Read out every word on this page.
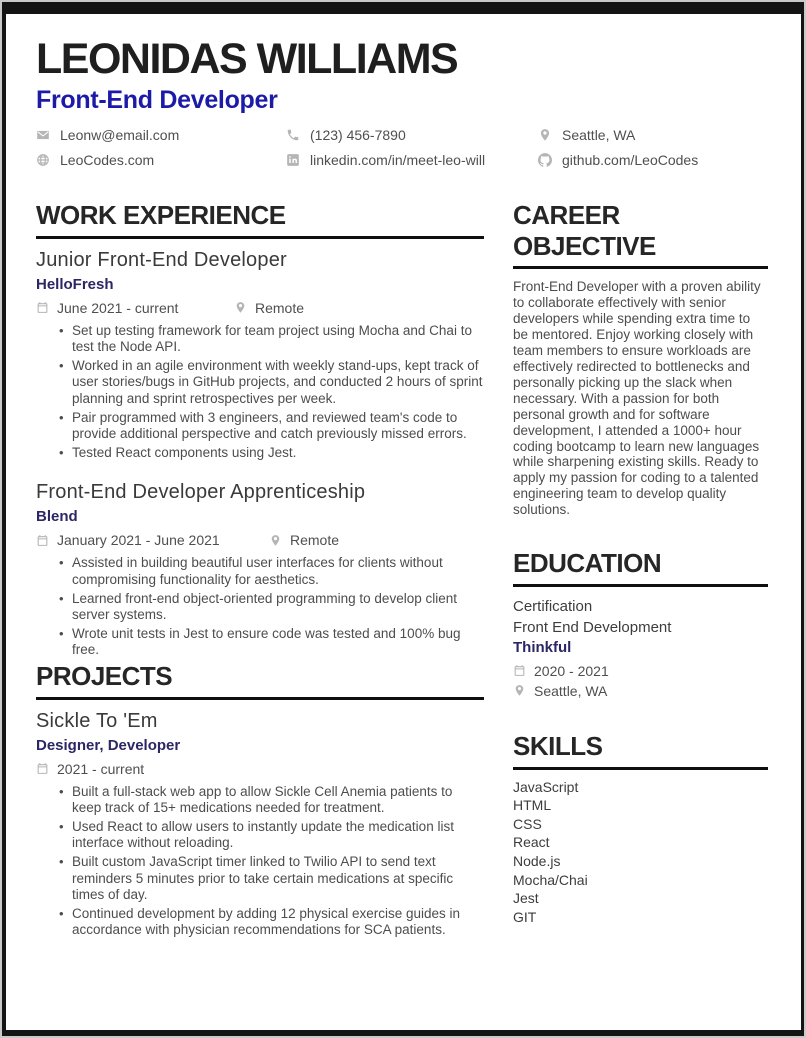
LEONIDAS WILLIAMS
Front-End Developer
Leonw@email.com	(123) 456-7890	Seattle, WA
LeoCodes.com	linkedin.com/in/meet-leo-will	github.com/LeoCodes
WORK EXPERIENCE
Junior Front-End Developer
HelloFresh
June 2021 - current	Remote
• Set up testing framework for team project using Mocha and Chai to test the Node API.
• Worked in an agile environment with weekly stand-ups, kept track of user stories/bugs in GitHub projects, and conducted 2 hours of sprint planning and sprint retrospectives per week.
• Pair programmed with 3 engineers, and reviewed team's code to provide additional perspective and catch previously missed errors.
• Tested React components using Jest.
Front-End Developer Apprenticeship
Blend
January 2021 - June 2021	Remote
• Assisted in building beautiful user interfaces for clients without compromising functionality for aesthetics.
• Learned front-end object-oriented programming to develop client server systems.
• Wrote unit tests in Jest to ensure code was tested and 100% bug free.
PROJECTS
Sickle To 'Em
Designer, Developer
2021 - current
• Built a full-stack web app to allow Sickle Cell Anemia patients to keep track of 15+ medications needed for treatment.
• Used React to allow users to instantly update the medication list interface without reloading.
• Built custom JavaScript timer linked to Twilio API to send text reminders 5 minutes prior to take certain medications at specific times of day.
• Continued development by adding 12 physical exercise guides in accordance with physician recommendations for SCA patients.
CAREER OBJECTIVE
Front-End Developer with a proven ability to collaborate effectively with senior developers while spending extra time to be mentored. Enjoy working closely with team members to ensure workloads are effectively redirected to bottlenecks and personally picking up the slack when necessary. With a passion for both personal growth and for software development, I attended a 1000+ hour coding bootcamp to learn new languages while sharpening existing skills. Ready to apply my passion for coding to a talented engineering team to develop quality solutions.
EDUCATION
Certification
Front End Development
Thinkful
2020 - 2021
Seattle, WA
SKILLS
JavaScript
HTML
CSS
React
Node.js
Mocha/Chai
Jest
GIT
